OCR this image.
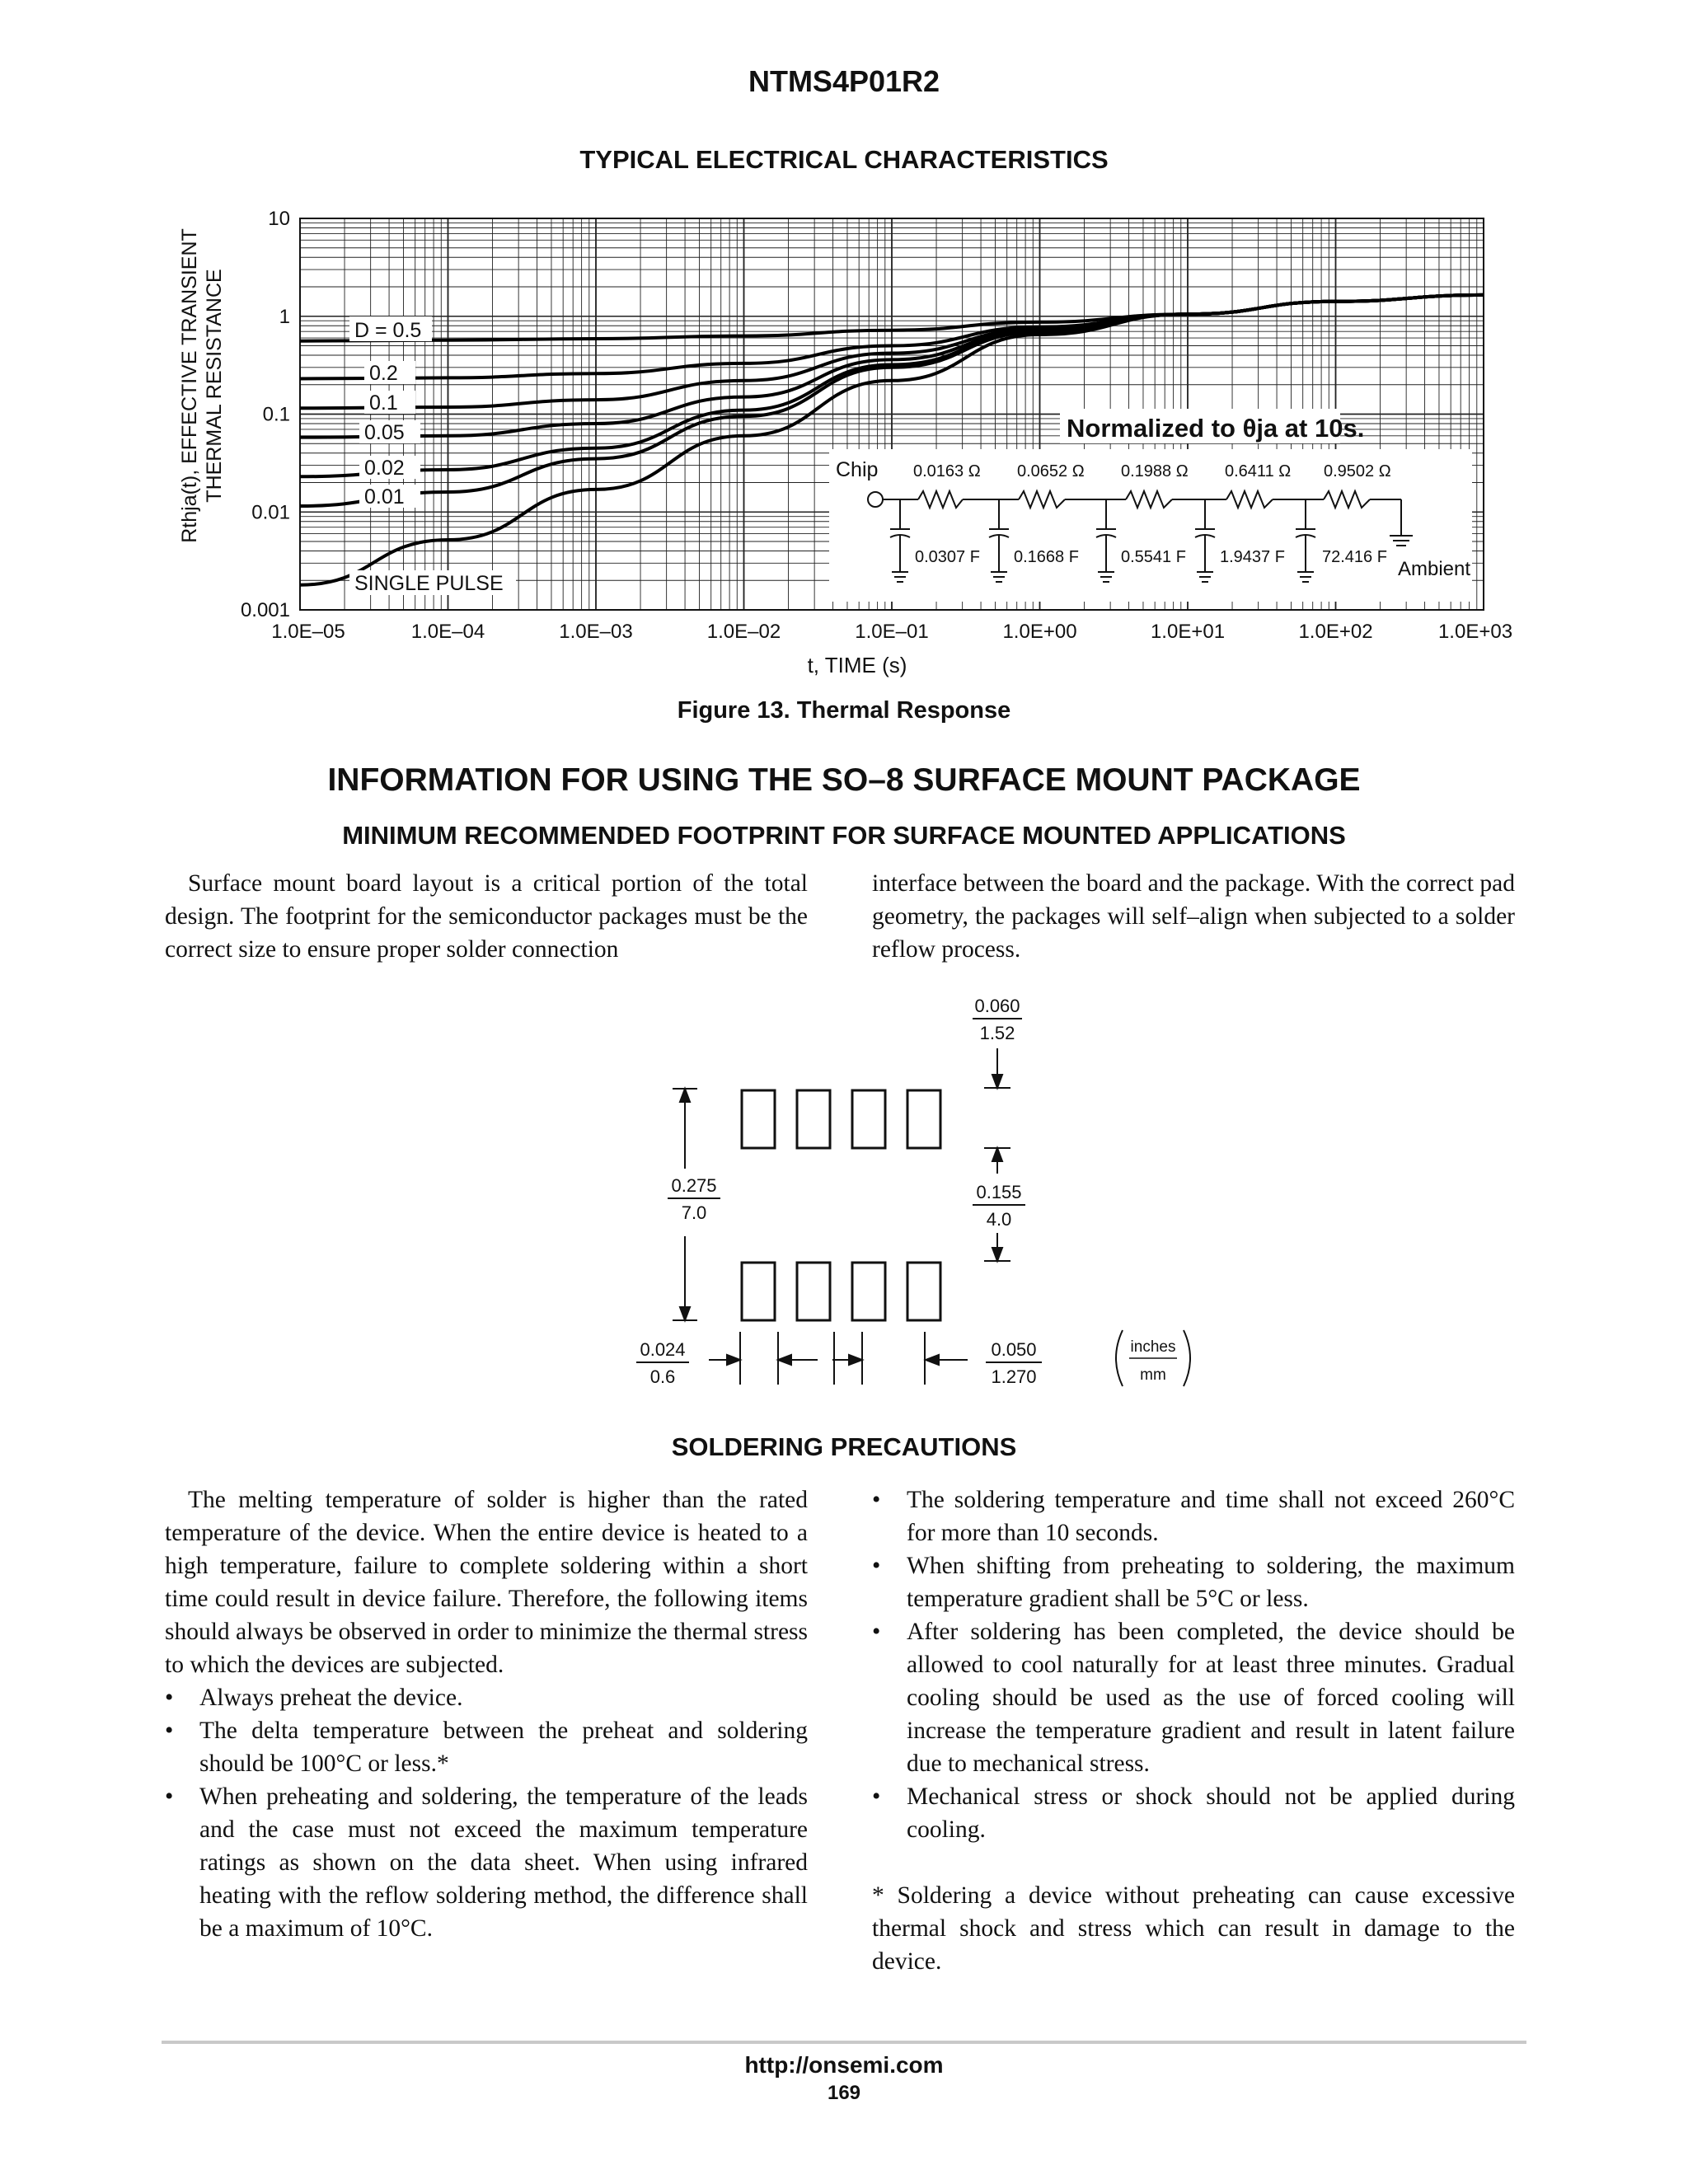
NTMS4P01R2
TYPICAL ELECTRICAL CHARACTERISTICS
1.0E–05	1.0E–04	1.0E–03	1.0E–02	1.0E–01	1.0E+00	1.0E+01	1.0E+02	1.0E+03
0.001
0.01
0.1
1
10
t, TIME (s)
Rthja(t), EFFECTIVE TRANSIENT THERMAL RESISTANCE	D = 0.5
0.2
0.1
0.05
0.02
0.01
SINGLE PULSE
Normalized to θja at 10s.
Chip 0.0163 Ω 0.0652 Ω 0.1988 Ω 0.6411 Ω 0.9502 Ω
0.0307 F 0.1668 F	0.5541 F 1.9437 F 72.416 F
Ambient
Figure 13. Thermal Response
INFORMATION FOR USING THE SO–8 SURFACE MOUNT PACKAGE
MINIMUM RECOMMENDED FOOTPRINT FOR SURFACE MOUNTED APPLICATIONS

Surface mount board layout is a critical portion of the total design. The footprint for the semiconductor packages must be the correct size to ensure proper solder connection

interface between the board and the package. With the correct pad geometry, the packages will self–align when subjected to a solder reflow process.

0.060
1.52
0.275
7.0
0.155
4.0
0.024
0.6
0.050
1.270
inches
mm
SOLDERING PRECAUTIONS

The melting temperature of solder is higher than the rated temperature of the device. When the entire device is heated to a high temperature, failure to complete soldering within a short time could result in device failure. Therefore, the following items should always be observed in order to minimize the thermal stress to which the devices are subjected.

• Always preheat the device.

• The delta temperature between the preheat and soldering should be 100°C or less.*

• When preheating and soldering, the temperature of the leads and the case must not exceed the maximum temperature ratings as shown on the data sheet. When using infrared heating with the reflow soldering method, the difference shall be a maximum of 10°C.

• The soldering temperature and time shall not exceed 260°C for more than 10 seconds.

• When shifting from preheating to soldering, the maximum temperature gradient shall be 5°C or less.

• After soldering has been completed, the device should be allowed to cool naturally for at least three minutes. Gradual cooling should be used as the use of forced cooling will increase the temperature gradient and result in latent failure due to mechanical stress.

• Mechanical stress or shock should not be applied during cooling.

* Soldering a device without preheating can cause excessive thermal shock and stress which can result in damage to the device.

http://onsemi.com
169
